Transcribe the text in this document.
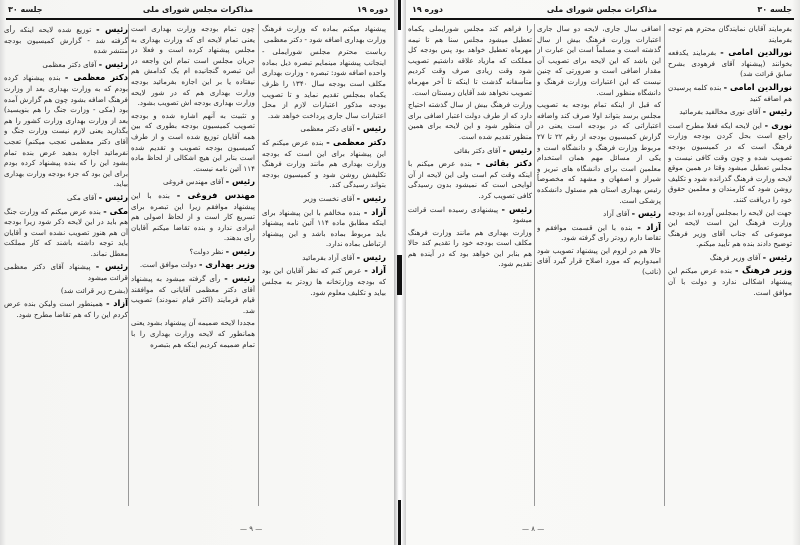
دوره ۱۹
مذاکرات مجلس شورای ملی
جلسه ۳۰

پیشنهاد میکنم بماده که وزارت فرهنگ وزارت بهداری اضافه شود - دکتر معظمی

ریاست محترم مجلس شورایملی - اینجانب پیشنهاد مینمایم تبصره ذیل بماده واحده اضافه شود: تبصره - وزارت بهداری مکلف است بودجه سال ۱۳۴۰ را ظرف یکماه بمجلس تقدیم نماید و تا تصویب بودجه مذکور اعتبارات لازم از محل اعتبارات سال جاری پرداخت خواهد شد.

رئیس - آقای دکتر معظمی

دکتر معظمی - بنده عرض میکنم که این پیشنهاد برای این است که بودجه وزارت بهداری هم مانند وزارت فرهنگ تکلیفش روشن شود و کمیسیون بودجه بتواند رسیدگی کند.

رئیس - آقای نخست وزیر

آزاد - بنده مخالفم با این پیشنهاد برای اینکه مطابق ماده ۱۱۴ آئین نامه پیشنهاد باید مربوط بماده باشد و این پیشنهاد ارتباطی بماده ندارد.

رئیس - آقای آزاد بفرمائید

آزاد - عرض کنم که نظر آقایان این بود که بودجه وزارتخانه ها زودتر به مجلس بیاید و تکلیف معلوم شود.

چون تمام بودجه وزارت بهداری است یعنی تمام لایحه ای که وزارت بهداری به مجلس پیشنهاد کرده است و فعلا در جریان مجلس است تمام این واجعه در این تبصره گنجانیده ام یک کدامش هم نیفتاده یا بر این اجازه بفرمائید بودجه وزارت بهداری هم که در شور لایحه وزارت بهداری بودجه اش تصویب بشود.

و تثبیت به آنهم اشاره شده و بودجه تصویب کمیسیون بودجه بطوری که بین همه آقایان توزیع شده است و از طرف کمیسیون بودجه تصویب و تقدیم شده است بنابر این هیچ اشکالی از لحاظ ماده ۱۱۴ آئین نامه نیست.

رئیس - آقای مهندس فروغی

مهندس فروغی - بنده با این پیشنهاد موافقم زیرا این تبصره برای تسریع کار است و از لحاظ اصولی هم ایرادی ندارد و بنده تقاضا میکنم آقایان رأی بدهند.

رئیس - نظر دولت؟

وزیر بهداری - دولت موافق است.

رئیس - رأی گرفته میشود به پیشنهاد آقای دکتر معظمی آقایانی که موافقند قیام فرمایند (اکثر قیام نمودند) تصویب شد.

مجددا لایحه ضمیمه آن پیشنهاد بشود یعنی همانطور که لایحه وزارت بهداری را با تمام ضمیمه کردیم اینکه هم بتبصره

رئیس - توزیع شده لایحه اینکه رأی گرفته شد - گزارش کمیسیون بودجه منتشر شده

رئیس - آقای دکتر معظمی

دکتر معظمی - بنده پیشنهاد کرده بودم که به وزارت بهداری بعد از وزارت فرهنگ اضافه بشود چون هم گزارش آمده بود (مکی - وزارت جنگ را هم بنویسید) بعد از وزارت بهداری وزارت کشور را هم بگذارید یعنی لازم نیست وزارت جنگ و آقای دکتر معظمی تعجب میکنم) تعجب نفرمائید اجازه بدهید عرض بنده تمام بشود این را که بنده پیشنهاد کرده بودم برای این بود که جزء بودجه وزارت بهداری بیاید.

رئیس - آقای مکی

مکی - بنده عرض میکنم که وزارت جنگ هم باید در این لایحه ذکر شود زیرا بودجه آن هم هنوز تصویب نشده است و آقایان باید توجه داشته باشند که کار مملکت معطل نماند.

رئیس - پیشنهاد آقای دکتر معظمی قرائت میشود

(بشرح زیر قرائت شد)

آزاد - همینطور است ولیکن بنده عرض کردم این را که هم تقاضا مطرح شود.

— ۹ —
جلسه ۳۰
مذاکرات مجلس شورای ملی
دوره ۱۹

بفرمایند آقایان نمایندگان محترم هم توجه بفرمایند

نورالدین امامی - بفرمایند یکدفعه بخوانند (پیشنهاد آقای فرهودی بشرح سابق قرائت شد)

نورالدین امامی - بنده کلمه پرسیدن هم اضافه کنید

رئیس - آقای نوری مخالفید بفرمائید

نوری - این لایحه ایکه فعلا مطرح است راجع است بحل کردن بودجه وزارت فرهنگ است که در کمیسیون بودجه تصویب شده و چون وقت کافی نیست و مجلس تعطیل میشود وقتا در همین موقع لایحه وزارت فرهنگ گذرانده شود و تکلیف روشن شود که کارمندان و معلمین حقوق خود را دریافت کنند.

جهت این لایحه را بمجلس آورده اند بودجه وزارت فرهنگ این است لایحه این موضوعی که جناب آقای وزیر فرهنگ توضیح دادند بنده هم تأیید میکنم.

رئیس - آقای وزیر فرهنگ

وزیر فرهنگ - بنده عرض میکنم این پیشنهاد اشکالی ندارد و دولت با آن موافق است.

اضافی سال جاری، لایحه دو سال جاری اعتبارات وزارت فرهنگ بیش از سال گذشته است و مسلماً است این عبارت از این باشد که این لایحه برای تصویب آن مقدار اضافی است و ضرورتی که چنین نیست که این اعتبارات وزارت فرهنگ و دانشگاه منظور است.

که قبل از اینکه تمام بودجه به تصویب مجلس برسد بتواند اولا صرف کند واضافه اعتباراتی که در بودجه است یعنی در گزارش کمیسیون بودجه از رقم ۲۲ تا ۲۷ مربوط وزارت فرهنگ و دانشگاه است و یکی از مسائل مهم همان استخدام معلمین است برای دانشگاه های تبریز و شیراز و اصفهان و مشهد که مخصوصاً رئیس بهداری استان هم مسئول دانشکده پزشکی است.

رئیس - آقای آزاد

آزاد - بنده با این قسمت موافقم و تقاضا دارم زودتر رأی گرفته شود.

حالا هم در لزوم این پیشنهاد تصویب شود امیدواریم که مورد اصلاح قرار گیرد آقای (نائب)

را فراهم کند مجلس شورایملی یکماه تعطیل میشود مجلس سنا هم تا نیمه مهرماه تعطیل خواهد بود پس بودجه کل مملکت که مازیاد علاقه داشتیم تصویب شود وقت زیادی صرف وقت کردیم متأسفانه گذشت تا اینکه تا آخر مهرماه تصویب نخواهد شد آقایان زمستان است.

وزارت فرهنگ بیش از سال گذشته احتیاج دارد که از طرف دولت اعتبار اضافی برای آن منظور شود و این لایحه برای همین منظور تقدیم شده است.

رئیس - آقای دکتر بقائی

دکتر بقائی - بنده عرض میکنم با اینکه وقت کم است ولی این لایحه از آن لوایحی است که نمیشود بدون رسیدگی کافی تصویب کرد.

رئیس - پیشنهادی رسیده است قرائت میشود

وزارت بهداری هم مانند وزارت فرهنگ مکلف است بودجه خود را تقدیم کند حالا هم بنابر این خواهد بود که در آینده هم تقدیم شود.

— ۸ —
